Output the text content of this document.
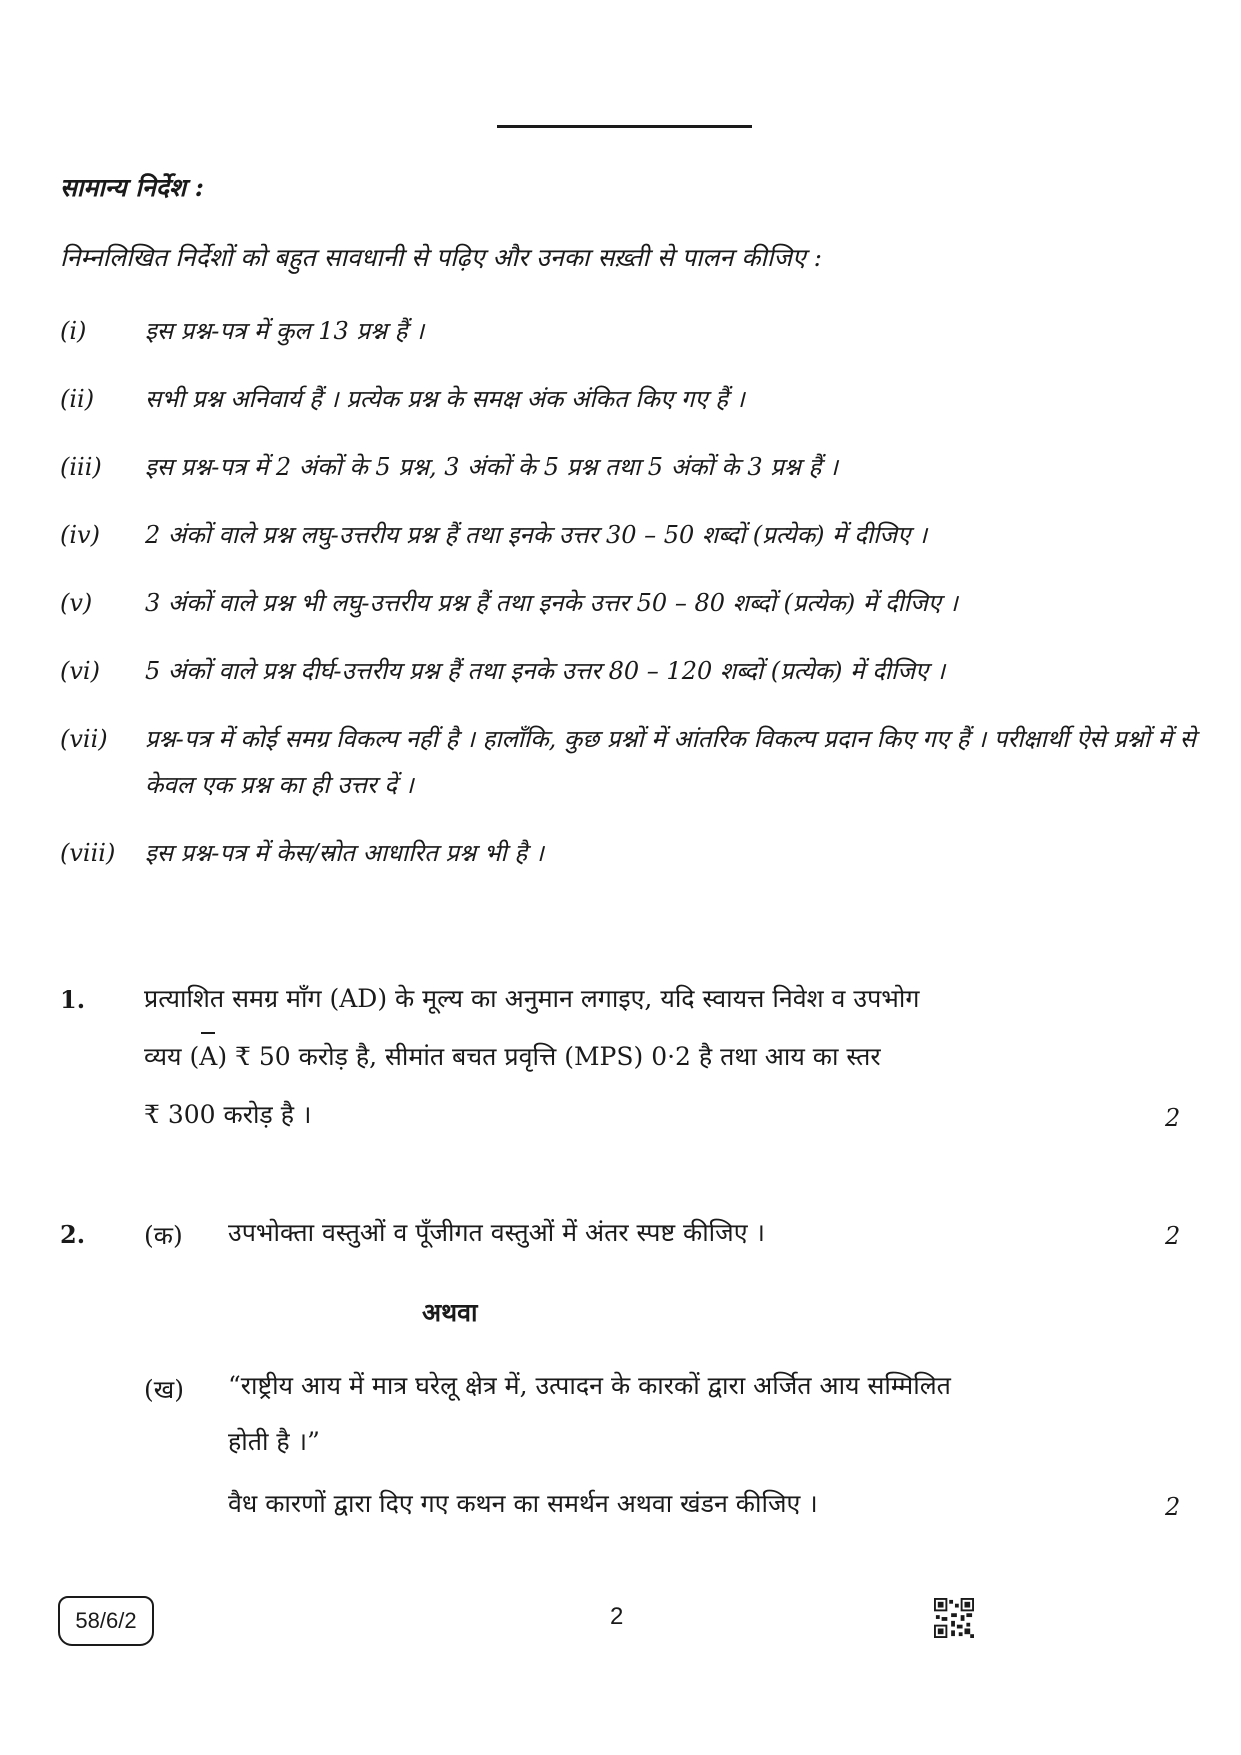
सामान्य निर्देश :
निम्नलिखित निर्देशों को बहुत सावधानी से पढ़िए और उनका सख़्ती से पालन कीजिए :
(i)	इस प्रश्न-पत्र में कुल 13 प्रश्न हैं ।
(ii)	सभी प्रश्न अनिवार्य हैं । प्रत्येक प्रश्न के समक्ष अंक अंकित किए गए हैं ।
(iii)	इस प्रश्न-पत्र में 2 अंकों के 5 प्रश्न, 3 अंकों के 5 प्रश्न तथा 5 अंकों के 3 प्रश्न हैं ।
(iv)	2 अंकों वाले प्रश्न लघु-उत्तरीय प्रश्न हैं तथा इनके उत्तर 30 – 50 शब्दों (प्रत्येक) में दीजिए ।
(v)	3 अंकों वाले प्रश्न भी लघु-उत्तरीय प्रश्न हैं तथा इनके उत्तर 50 – 80 शब्दों (प्रत्येक) में दीजिए ।
(vi)	5 अंकों वाले प्रश्न दीर्घ-उत्तरीय प्रश्न हैं तथा इनके उत्तर 80 – 120 शब्दों (प्रत्येक) में दीजिए ।
(vii)	प्रश्न-पत्र में कोई समग्र विकल्प नहीं है । हालाँकि, कुछ प्रश्नों में आंतरिक विकल्प प्रदान किए गए हैं । परीक्षार्थी ऐसे प्रश्नों में से केवल एक प्रश्न का ही उत्तर दें ।
(viii)	इस प्रश्न-पत्र में केस/स्रोत आधारित प्रश्न भी है ।
1. प्रत्याशित समग्र माँग (AD) के मूल्य का अनुमान लगाइए, यदि स्वायत्त निवेश व उपभोग
व्यय (A) ₹ 50 करोड़ है, सीमांत बचत प्रवृत्ति (MPS) 0·2 है तथा आय का स्तर
₹ 300 करोड़ है ।	2
2. (क) उपभोक्ता वस्तुओं व पूँजीगत वस्तुओं में अंतर स्पष्ट कीजिए ।	2
अथवा
(ख) “राष्ट्रीय आय में मात्र घरेलू क्षेत्र में, उत्पादन के कारकों द्वारा अर्जित आय सम्मिलित
होती है ।”
वैध कारणों द्वारा दिए गए कथन का समर्थन अथवा खंडन कीजिए ।	2
58/6/2	2
